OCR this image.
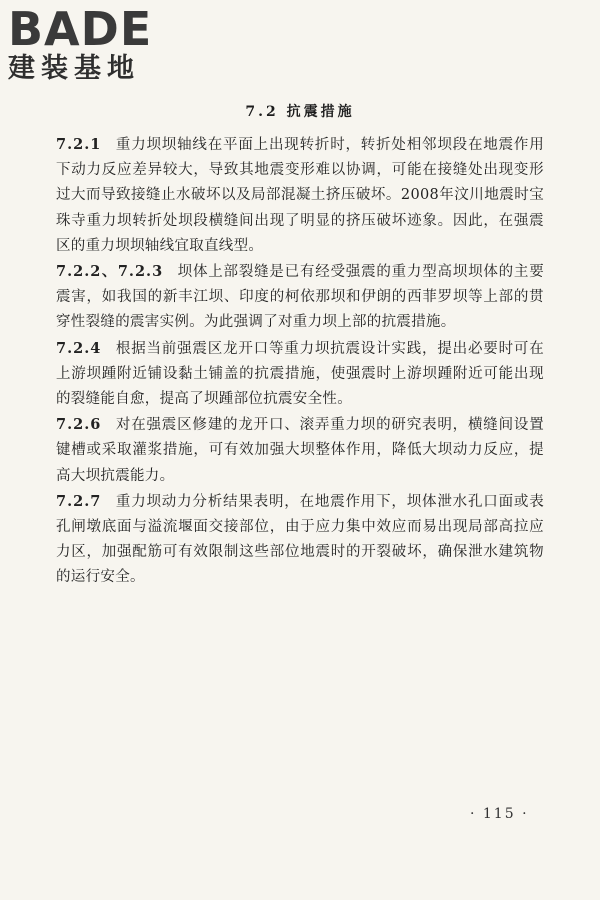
BADE
建装基地
7.2 抗震措施

7.2.1 重力坝坝轴线在平面上出现转折时，转折处相邻坝段在地震作用下动力反应差异较大，导致其地震变形难以协调，可能在接缝处出现变形过大而导致接缝止水破坏以及局部混凝土挤压破坏。2008年汶川地震时宝珠寺重力坝转折处坝段横缝间出现了明显的挤压破坏迹象。因此，在强震区的重力坝坝轴线宜取直线型。

7.2.2、7.2.3 坝体上部裂缝是已有经受强震的重力型高坝坝体的主要震害，如我国的新丰江坝、印度的柯依那坝和伊朗的西菲罗坝等上部的贯穿性裂缝的震害实例。为此强调了对重力坝上部的抗震措施。

7.2.4 根据当前强震区龙开口等重力坝抗震设计实践，提出必要时可在上游坝踵附近铺设黏土铺盖的抗震措施，使强震时上游坝踵附近可能出现的裂缝能自愈，提高了坝踵部位抗震安全性。

7.2.6 对在强震区修建的龙开口、滚弄重力坝的研究表明，横缝间设置键槽或采取灌浆措施，可有效加强大坝整体作用，降低大坝动力反应，提高大坝抗震能力。

7.2.7 重力坝动力分析结果表明，在地震作用下，坝体泄水孔口面或表孔闸墩底面与溢流堰面交接部位，由于应力集中效应而易出现局部高拉应力区，加强配筋可有效限制这些部位地震时的开裂破坏，确保泄水建筑物的运行安全。

· 115 ·
